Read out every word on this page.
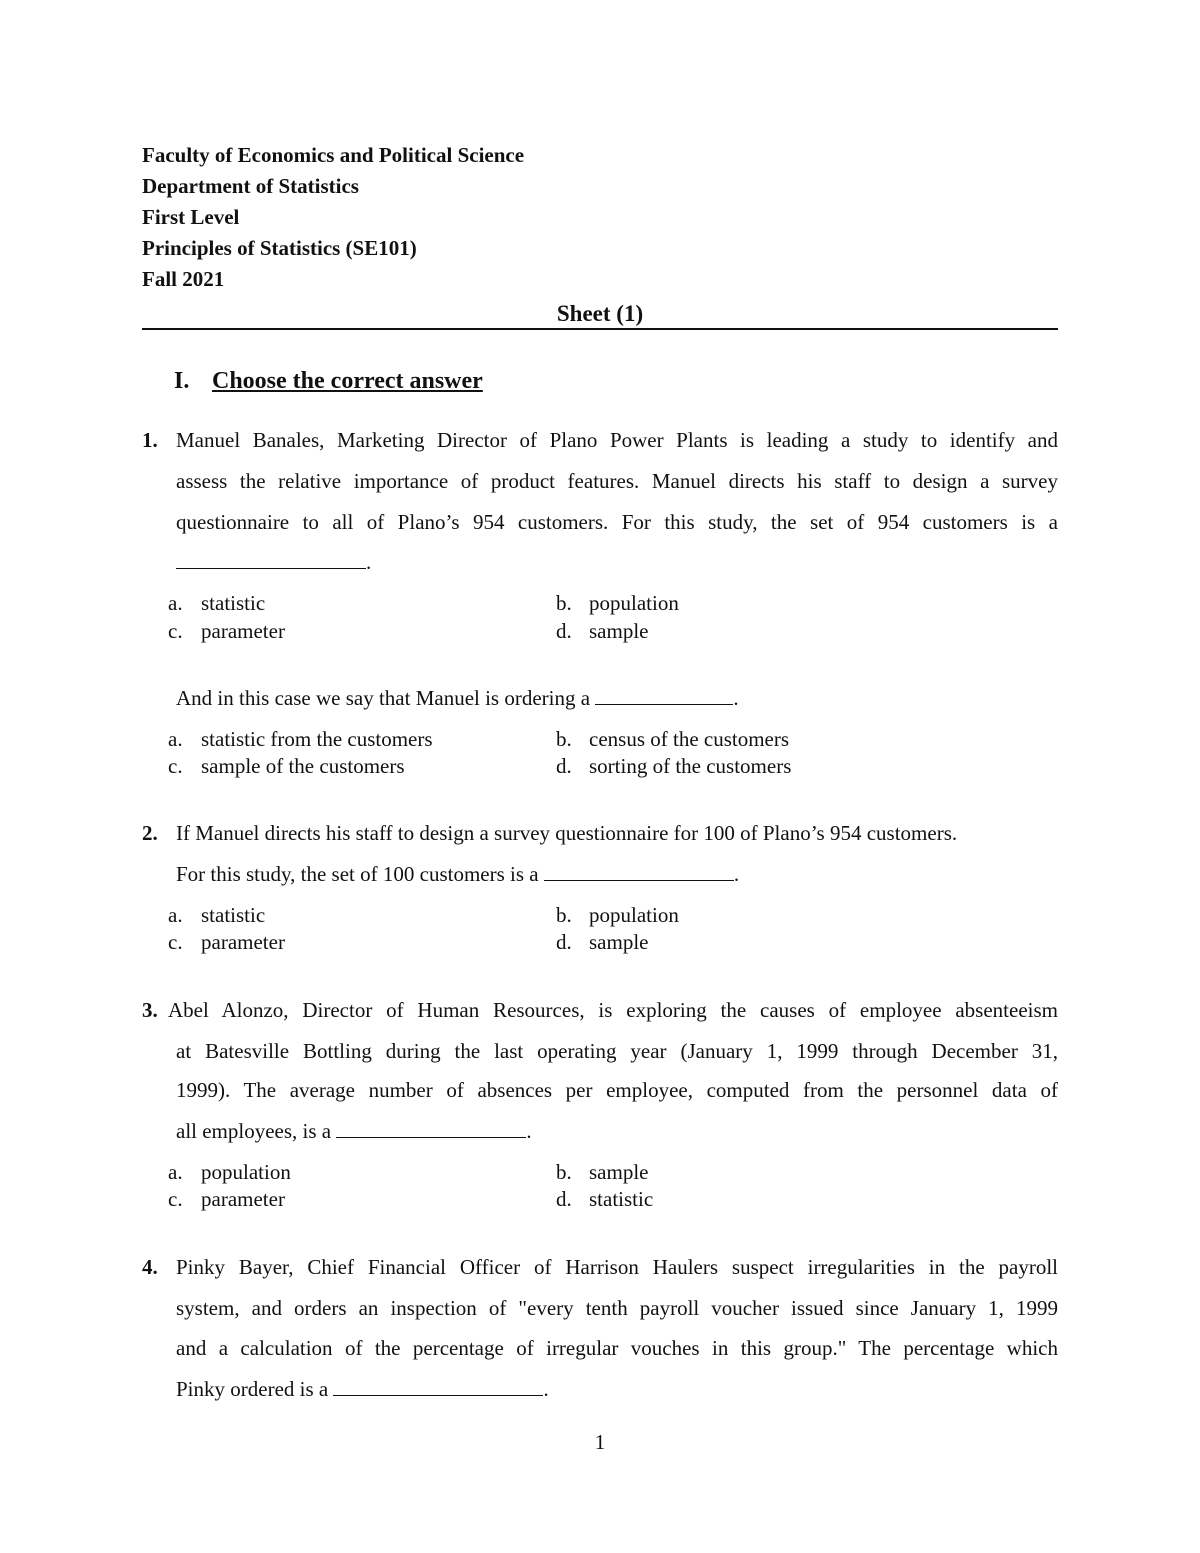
Faculty of Economics and Political Science
Department of Statistics
First Level
Principles of Statistics (SE101)
Fall 2021
Sheet (1)
I. Choose the correct answer
1. Manuel Banales, Marketing Director of Plano Power Plants is leading a study to identify and
assess the relative importance of product features. Manuel directs his staff to design a survey
questionnaire to all of Plano’s 954 customers. For this study, the set of 954 customers is a
.
a. statistic	b. population
c. parameter	d. sample
And in this case we say that Manuel is ordering a	.
a. statistic from the customers	b. census of the customers
c. sample of the customers	d. sorting of the customers
2. If Manuel directs his staff to design a survey questionnaire for 100 of Plano’s 954 customers.
For this study, the set of 100 customers is a	.
a. statistic	b. population
c. parameter	d. sample
3. Abel Alonzo, Director of Human Resources, is exploring the causes of employee absenteeism
at Batesville Bottling during the last operating year (January 1, 1999 through December 31,
1999). The average number of absences per employee, computed from the personnel data of
all employees, is a	.
a. population	b. sample
c. parameter	d. statistic
4. Pinky Bayer, Chief Financial Officer of Harrison Haulers suspect irregularities in the payroll
system, and orders an inspection of "every tenth payroll voucher issued since January 1, 1999
and a calculation of the percentage of irregular vouches in this group." The percentage which
Pinky ordered is a	.
1
